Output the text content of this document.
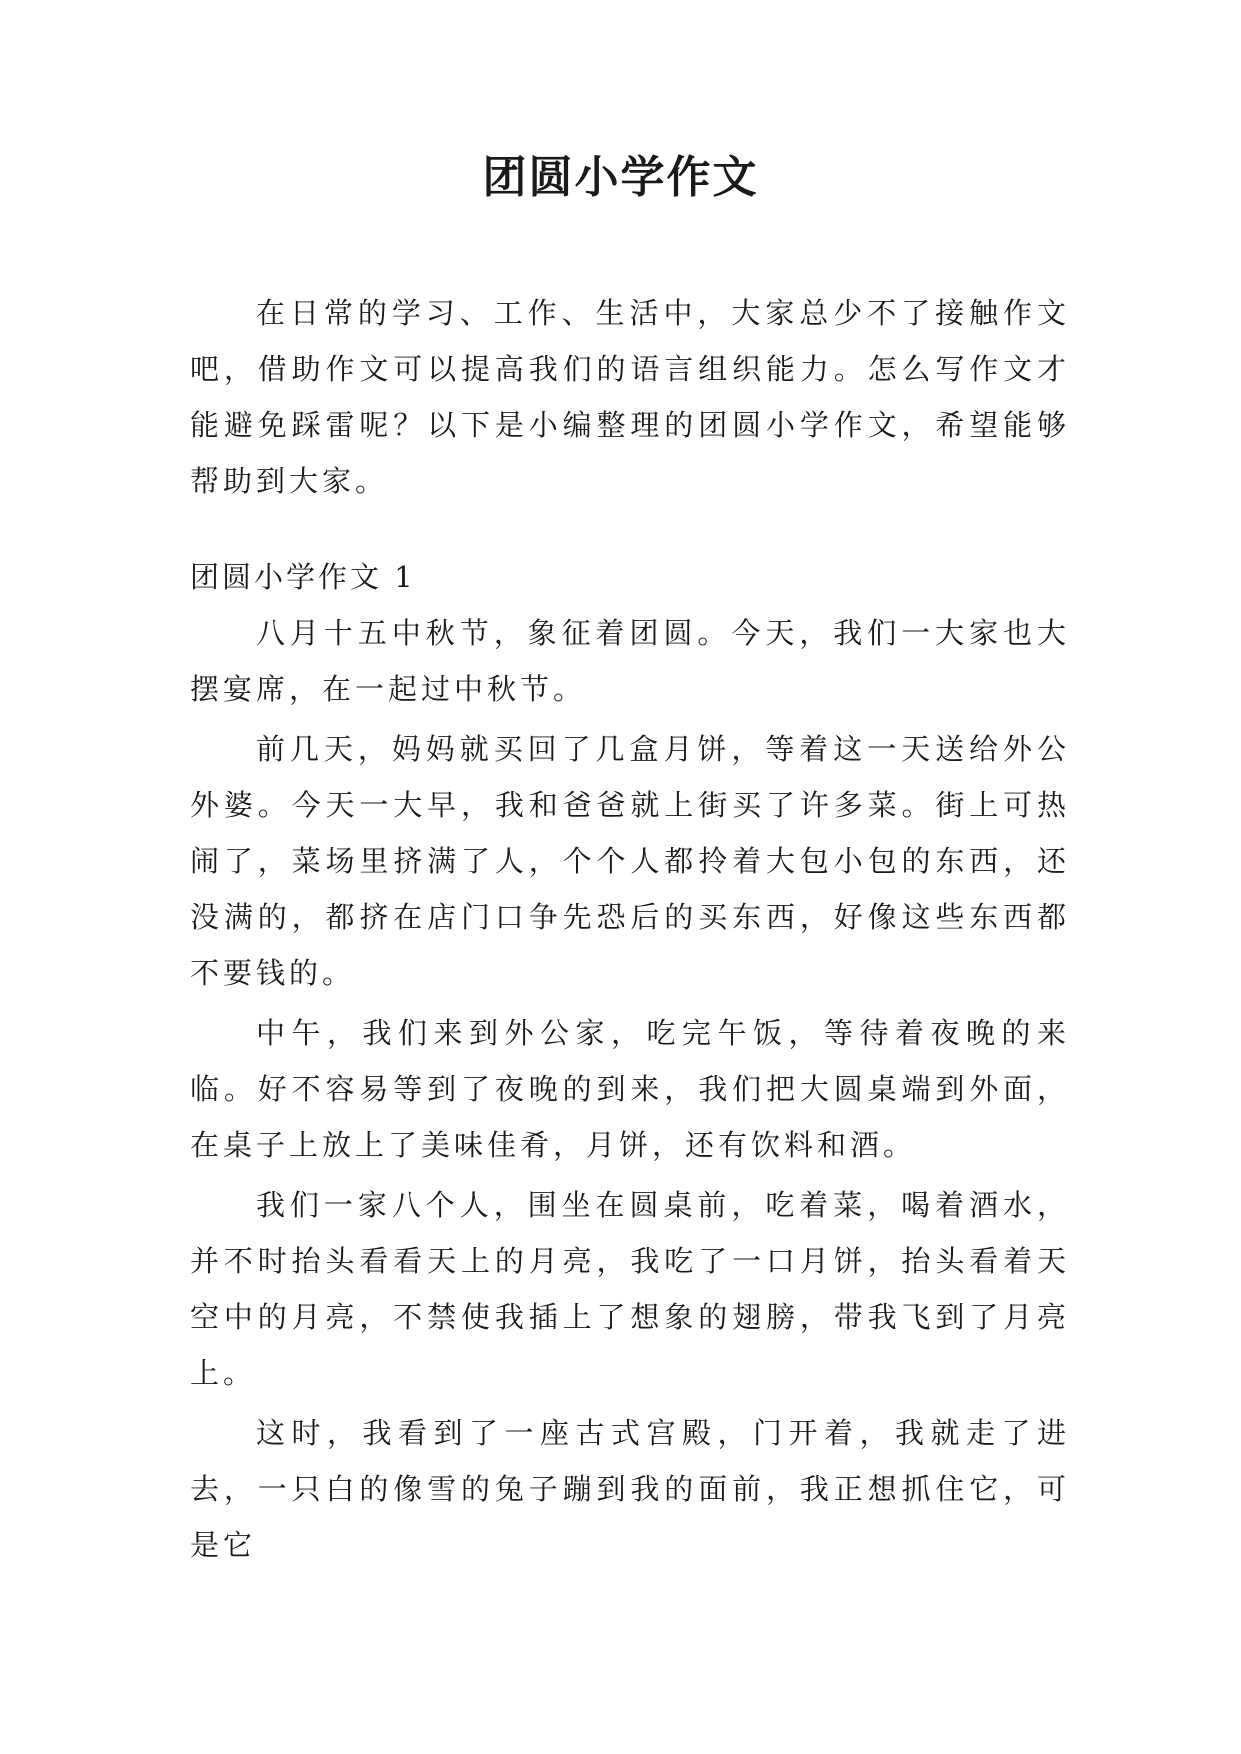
团圆小学作文

在日常的学习、工作、生活中，大家总少不了接触作文吧，借助作文可以提高我们的语言组织能力。怎么写作文才能避免踩雷呢？以下是小编整理的团圆小学作文，希望能够帮助到大家。

团圆小学作文 1

八月十五中秋节，象征着团圆。今天，我们一大家也大摆宴席，在一起过中秋节。

前几天，妈妈就买回了几盒月饼，等着这一天送给外公外婆。今天一大早，我和爸爸就上街买了许多菜。街上可热闹了，菜场里挤满了人，个个人都拎着大包小包的东西，还没满的，都挤在店门口争先恐后的买东西，好像这些东西都不要钱的。

中午，我们来到外公家，吃完午饭，等待着夜晚的来临。好不容易等到了夜晚的到来，我们把大圆桌端到外面，在桌子上放上了美味佳肴，月饼，还有饮料和酒。

我们一家八个人，围坐在圆桌前，吃着菜，喝着酒水，并不时抬头看看天上的月亮，我吃了一口月饼，抬头看着天空中的月亮，不禁使我插上了想象的翅膀，带我飞到了月亮上。

这时，我看到了一座古式宫殿，门开着，我就走了进去，一只白的像雪的兔子蹦到我的面前，我正想抓住它，可是它
